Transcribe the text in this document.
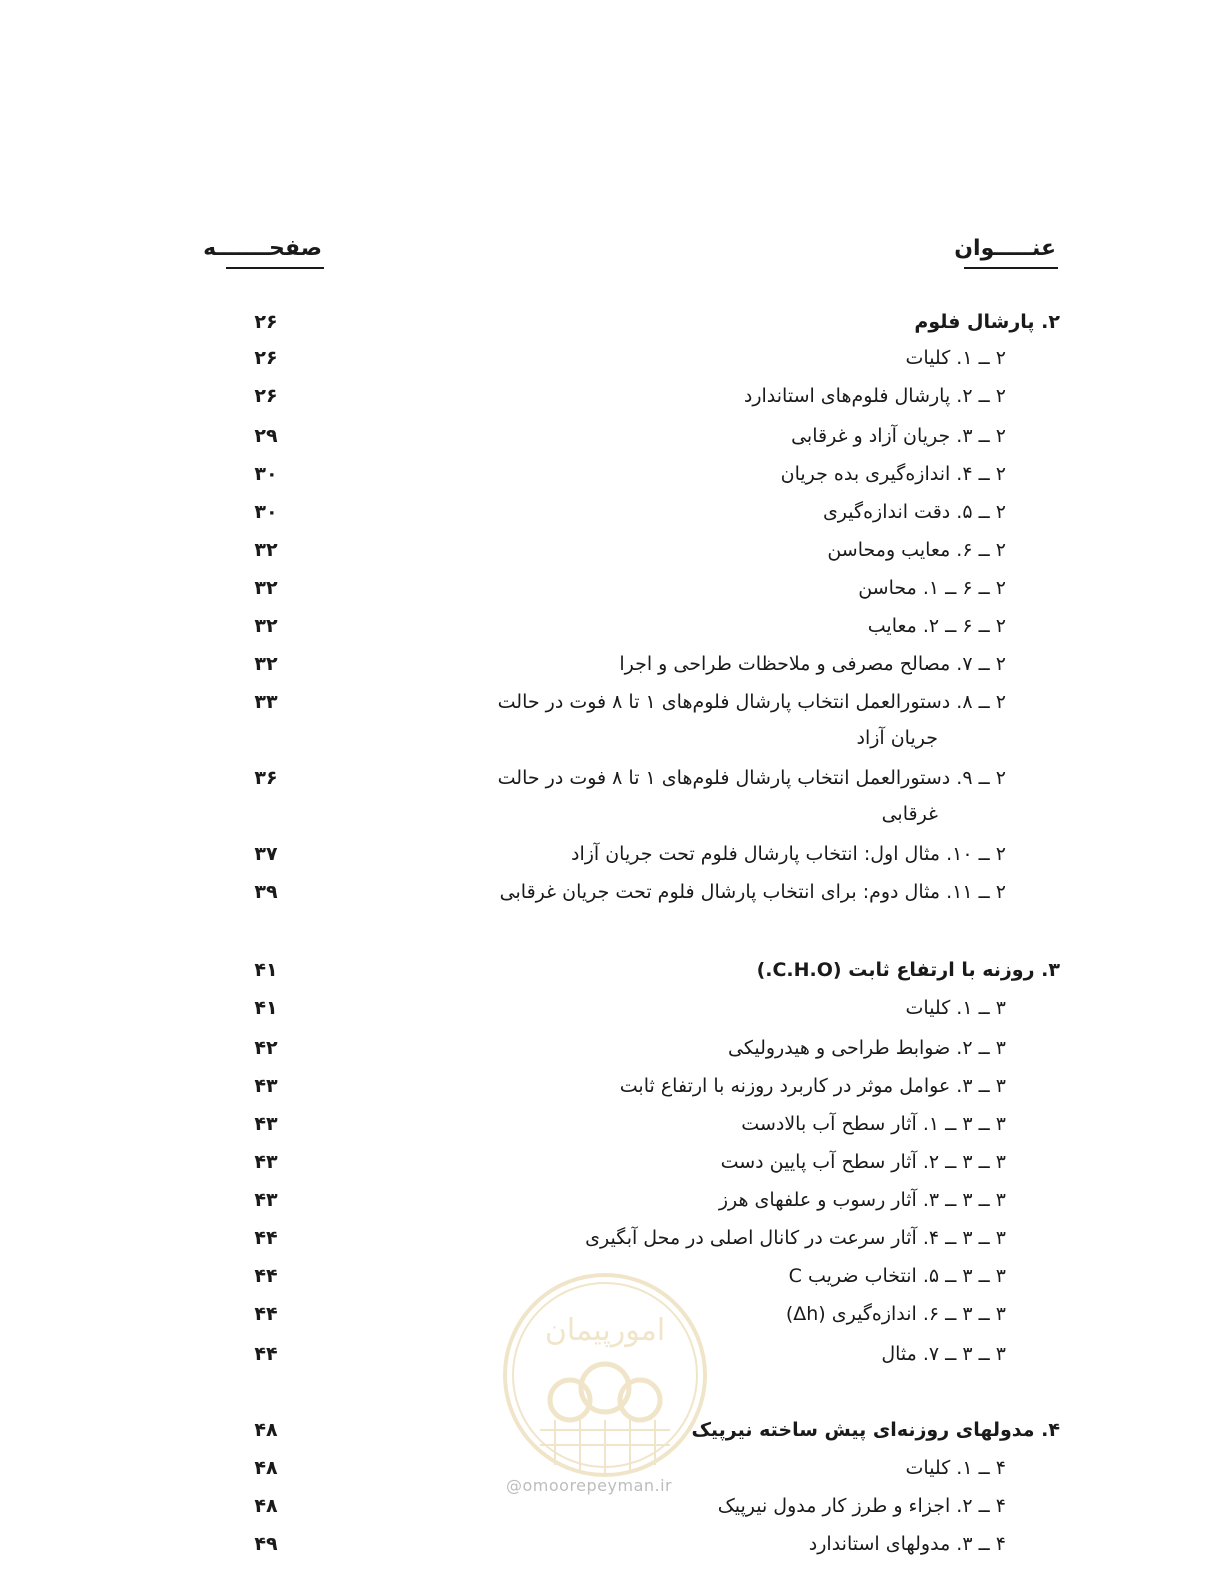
عنـــــوان
صفحـــــــه
۲. پارشال فلوم
۲۶
۲ ــ ۱. کلیات
۲۶
۲ ــ ۲. پارشال فلوم‌های استاندارد
۲۶
۲ ــ ۳. جریان آزاد و غرقابی
۲۹
۲ ــ ۴. اندازه‌گیری بده جریان
۳۰
۲ ــ ۵. دقت اندازه‌گیری
۳۰
۲ ــ ۶. معایب ومحاسن
۳۲
۲ ــ ۶ ــ ۱. محاسن
۳۲
۲ ــ ۶ ــ ۲. معایب
۳۲
۲ ــ ۷. مصالح مصرفی و ملاحظات طراحی و اجرا
۳۲
۲ ــ ۸. دستورالعمل انتخاب پارشال فلوم‌های ۱ تا ۸ فوت در حالت
۳۳
جریان آزاد
۲ ــ ۹. دستورالعمل انتخاب پارشال فلوم‌های ۱ تا ۸ فوت در حالت
۳۶
غرقابی
۲ ــ ۱۰. مثال اول: انتخاب پارشال فلوم تحت جریان آزاد
۳۷
۲ ــ ۱۱. مثال دوم: برای انتخاب پارشال فلوم تحت جریان غرقابی
۳۹
۳. روزنه با ارتفاع ثابت (C.H.O.)
۴۱
۳ ــ ۱. کلیات
۴۱
۳ ــ ۲. ضوابط طراحی و هیدرولیکی
۴۲
۳ ــ ۳. عوامل موثر در کاربرد روزنه با ارتفاع ثابت
۴۳
۳ ــ ۳ ــ ۱. آثار سطح آب بالادست
۴۳
۳ ــ ۳ ــ ۲. آثار سطح آب پایین دست
۴۳
۳ ــ ۳ ــ ۳. آثار رسوب و علفهای هرز
۴۳
۳ ــ ۳ ــ ۴. آثار سرعت در کانال اصلی در محل آبگیری
۴۴
۳ ــ ۳ ــ ۵. انتخاب ضریب C
۴۴
۳ ــ ۳ ــ ۶. اندازه‌گیری (Δh)
۴۴
۳ ــ ۳ ــ ۷. مثال
۴۴
۴. مدولهای روزنه‌ای پیش ساخته نیرپیک
۴۸
۴ ــ ۱. کلیات
۴۸
۴ ــ ۲. اجزاء و طرز کار مدول نیرپیک
۴۸
۴ ــ ۳. مدولهای استاندارد
۴۹
امورپیمان
@omoorepeyman.ir
